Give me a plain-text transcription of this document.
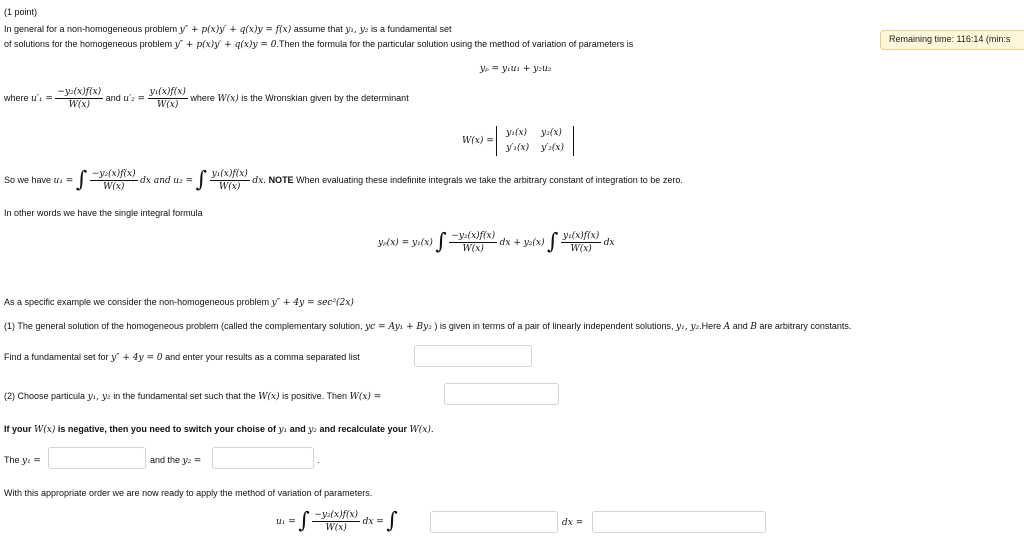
(1 point)
Remaining time: 116:14 (min:s
In general for a non-homogeneous problem y″ + p(x)y′ + q(x)y = f(x) assume that y₁, y₂ is a fundamental set
of solutions for the homogeneous problem y″ + p(x)y′ + q(x)y = 0.Then the formula for the particular solution using the method of variation of parameters is
yₚ = y₁u₁ + y₂u₂
where $u'_1 = \frac{\text{−y₂(x)f(x)}}{W(x)}$ and $u'_2 = \frac{\text{y₁(x)f(x)}}{W(x)}$ where W(x) is the Wronskian given by the determinant
W(x) =
y₁(x)	y₂(x)
y′₁(x)	y′₂(x)
So we have u₁ = ∫ $\frac{\text{−y₂(x)f(x)}}{W(x)}$ dx and u₂ = ∫ $\frac{\text{y₁(x)f(x)}}{W(x)}$ dx. NOTE When evaluating these indefinite integrals we take the arbitrary constant of integration to be zero.
In other words we have the single integral formula
yₚ(x) = y₁(x) ∫ $\frac{\text{−y₂(x)f(x)}}{W(x)}$ dx + y₂(x) ∫ $\frac{\text{y₁(x)f(x)}}{W(x)}$ dx
As a specific example we consider the non-homogeneous problem y″ + 4y = sec²(2x)
(1) The general solution of the homogeneous problem (called the complementary solution, yc = Ay₁ + By₂ ) is given in terms of a pair of linearly independent solutions, y₁, y₂.Here A and B are arbitrary constants.
Find a fundamental set for y″ + 4y = 0 and enter your results as a comma separated list
(2) Choose particula y₁, y₂ in the fundamental set such that the W(x) is positive. Then W(x) =
If your W(x) is negative, then you need to switch your choise of y₁ and y₂ and recalculate your W(x).
The y₁ =	and the y₂ =	.
With this appropriate order we are now ready to apply the method of variation of parameters.
u₁ = ∫ $\frac{\text{−y₂(x)f(x)}}{W(x)}$ dx = ∫	dx =
